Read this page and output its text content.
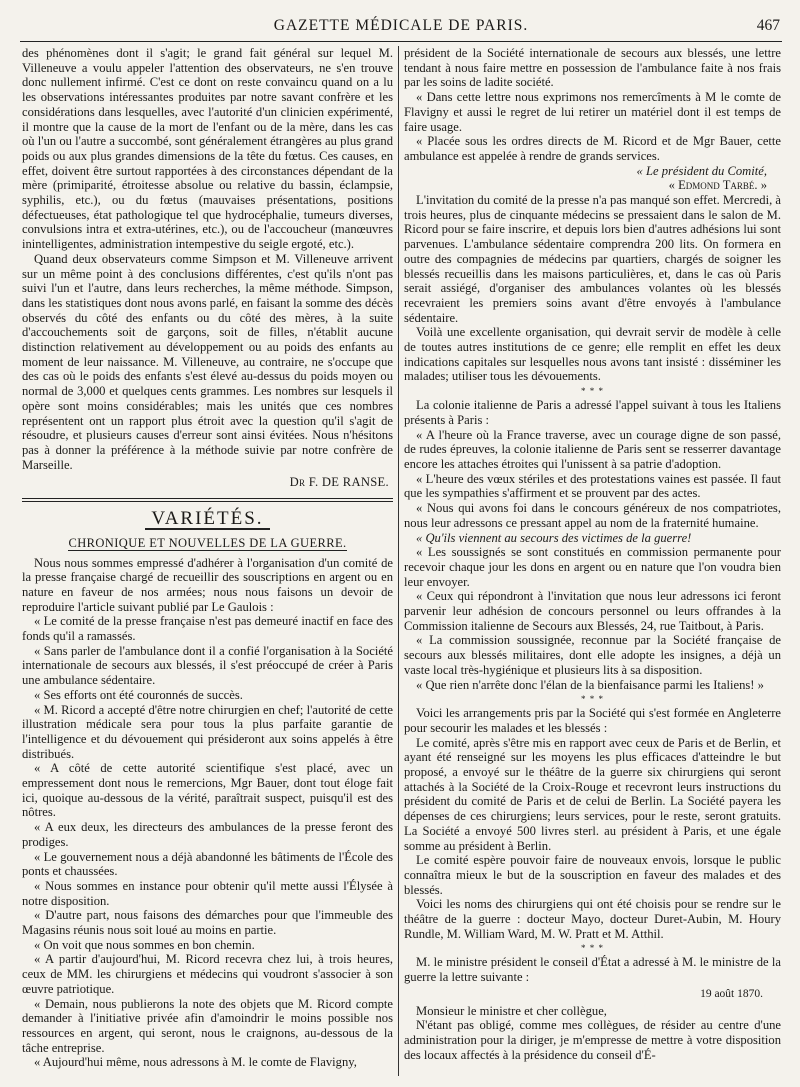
GAZETTE MÉDICALE DE PARIS.	467

des phénomènes dont il s'agit; le grand fait général sur lequel M. Villeneuve a voulu appeler l'attention des observateurs, ne s'en trouve donc nullement infirmé. C'est ce dont on reste convaincu quand on a lu les observations intéressantes produites par notre savant confrère et les considérations dans lesquelles, avec l'autorité d'un clinicien expérimenté, il montre que la cause de la mort de l'enfant ou de la mère, dans les cas où l'un ou l'autre a succombé, sont généralement étrangères au plus grand poids ou aux plus grandes dimensions de la tête du fœtus. Ces causes, en effet, doivent être surtout rapportées à des circonstances dépendant de la mère (primiparité, étroitesse absolue ou relative du bassin, éclampsie, syphilis, etc.), ou du fœtus (mauvaises présentations, positions défectueuses, état pathologique tel que hydrocéphalie, tumeurs diverses, convulsions intra et extra-utérines, etc.), ou de l'accoucheur (manœuvres inintelligentes, administration intempestive du seigle ergoté, etc.).

Quand deux observateurs comme Simpson et M. Villeneuve arrivent sur un même point à des conclusions différentes, c'est qu'ils n'ont pas suivi l'un et l'autre, dans leurs recherches, la même méthode. Simpson, dans les statistiques dont nous avons parlé, en faisant la somme des décès observés du côté des enfants ou du côté des mères, à la suite d'accouchements soit de garçons, soit de filles, n'établit aucune distinction relativement au développement ou au poids des enfants au moment de leur naissance. M. Villeneuve, au contraire, ne s'occupe que des cas où le poids des enfants s'est élevé au-dessus du poids moyen ou normal de 3,000 et quelques cents grammes. Les nombres sur lesquels il opère sont moins considérables; mais les unités que ces nombres représentent ont un rapport plus étroit avec la question qu'il s'agit de résoudre, et plusieurs causes d'erreur sont ainsi évitées. Nous n'hésitons pas à donner la préférence à la méthode suivie par notre confrère de Marseille.

Dr F. DE RANSE.
VARIÉTÉS.
CHRONIQUE ET NOUVELLES DE LA GUERRE.

Nous nous sommes empressé d'adhérer à l'organisation d'un comité de la presse française chargé de recueillir des souscriptions en argent ou en nature en faveur de nos armées; nous nous faisons un devoir de reproduire l'article suivant publié par Le Gaulois :

« Le comité de la presse française n'est pas demeuré inactif en face des fonds qu'il a ramassés.

« Sans parler de l'ambulance dont il a confié l'organisation à la Société internationale de secours aux blessés, il s'est préoccupé de créer à Paris une ambulance sédentaire.

« Ses efforts ont été couronnés de succès.

« M. Ricord a accepté d'être notre chirurgien en chef; l'autorité de cette illustration médicale sera pour tous la plus parfaite garantie de l'intelligence et du dévouement qui présideront aux soins appelés à être distribués.

« A côté de cette autorité scientifique s'est placé, avec un empressement dont nous le remercions, Mgr Bauer, dont tout éloge fait ici, quoique au-dessous de la vérité, paraîtrait suspect, puisqu'il est des nôtres.

« A eux deux, les directeurs des ambulances de la presse feront des prodiges.

« Le gouvernement nous a déjà abandonné les bâtiments de l'École des ponts et chaussées.

« Nous sommes en instance pour obtenir qu'il mette aussi l'Élysée à notre disposition.

« D'autre part, nous faisons des démarches pour que l'immeuble des Magasins réunis nous soit loué au moins en partie.

« On voit que nous sommes en bon chemin.

« A partir d'aujourd'hui, M. Ricord recevra chez lui, à trois heures, ceux de MM. les chirurgiens et médecins qui voudront s'associer à son œuvre patriotique.

« Demain, nous publierons la note des objets que M. Ricord compte demander à l'initiative privée afin d'amoindrir le moins possible nos ressources en argent, qui seront, nous le craignons, au-dessous de la tâche entreprise.

« Aujourd'hui même, nous adressons à M. le comte de Flavigny,

président de la Société internationale de secours aux blessés, une lettre tendant à nous faire mettre en possession de l'ambulance faite à nos frais par les soins de ladite société.

« Dans cette lettre nous exprimons nos remercîments à M le comte de Flavigny et aussi le regret de lui retirer un matériel dont il est temps de faire usage.

« Placée sous les ordres directs de M. Ricord et de Mgr Bauer, cette ambulance est appelée à rendre de grands services.

« Le président du Comité,
« Edmond Tarbé. »

L'invitation du comité de la presse n'a pas manqué son effet. Mercredi, à trois heures, plus de cinquante médecins se pressaient dans le salon de M. Ricord pour se faire inscrire, et depuis lors bien d'autres adhésions lui sont parvenues. L'ambulance sédentaire comprendra 200 lits. On formera en outre des compagnies de médecins par quartiers, chargés de soigner les blessés recueillis dans les maisons particulières, et, dans le cas où Paris serait assiégé, d'organiser des ambulances volantes où les blessés recevraient les premiers soins avant d'être envoyés à l'ambulance sédentaire.

Voilà une excellente organisation, qui devrait servir de modèle à celle de toutes autres institutions de ce genre; elle remplit en effet les deux indications capitales sur lesquelles nous avons tant insisté : disséminer les malades; utiliser tous les dévouements.

* * *

La colonie italienne de Paris a adressé l'appel suivant à tous les Italiens présents à Paris :

« A l'heure où la France traverse, avec un courage digne de son passé, de rudes épreuves, la colonie italienne de Paris sent se resserrer davantage encore les attaches étroites qui l'unissent à sa patrie d'adoption.

« L'heure des vœux stériles et des protestations vaines est passée. Il faut que les sympathies s'affirment et se prouvent par des actes.

« Nous qui avons foi dans le concours généreux de nos compatriotes, nous leur adressons ce pressant appel au nom de la fraternité humaine.

« Qu'ils viennent au secours des victimes de la guerre!

« Les soussignés se sont constitués en commission permanente pour recevoir chaque jour les dons en argent ou en nature que l'on voudra bien leur envoyer.

« Ceux qui répondront à l'invitation que nous leur adressons ici feront parvenir leur adhésion de concours personnel ou leurs offrandes à la Commission italienne de Secours aux Blessés, 24, rue Taitbout, à Paris.

« La commission soussignée, reconnue par la Société française de secours aux blessés militaires, dont elle adopte les insignes, a déjà un vaste local très-hygiénique et plusieurs lits à sa disposition.

« Que rien n'arrête donc l'élan de la bienfaisance parmi les Italiens! »

* * *

Voici les arrangements pris par la Société qui s'est formée en Angleterre pour secourir les malades et les blessés :

Le comité, après s'être mis en rapport avec ceux de Paris et de Berlin, et ayant été renseigné sur les moyens les plus efficaces d'atteindre le but proposé, a envoyé sur le théâtre de la guerre six chirurgiens qui seront attachés à la Société de la Croix-Rouge et recevront leurs instructions du président du comité de Paris et de celui de Berlin. La Société payera les dépenses de ces chirurgiens; leurs services, pour le reste, seront gratuits. La Société a envoyé 500 livres sterl. au président à Paris, et une égale somme au président à Berlin.

Le comité espère pouvoir faire de nouveaux envois, lorsque le public connaîtra mieux le but de la souscription en faveur des malades et des blessés.

Voici les noms des chirurgiens qui ont été choisis pour se rendre sur le théâtre de la guerre : docteur Mayo, docteur Duret-Aubin, M. Houry Rundle, M. William Ward, M. W. Pratt et M. Atthil.

* * *

M. le ministre président le conseil d'État a adressé à M. le ministre de la guerre la lettre suivante :

19 août 1870.

Monsieur le ministre et cher collègue,

N'étant pas obligé, comme mes collègues, de résider au centre d'une administration pour la diriger, je m'empresse de mettre à votre disposition des locaux affectés à la présidence du conseil d'É-
